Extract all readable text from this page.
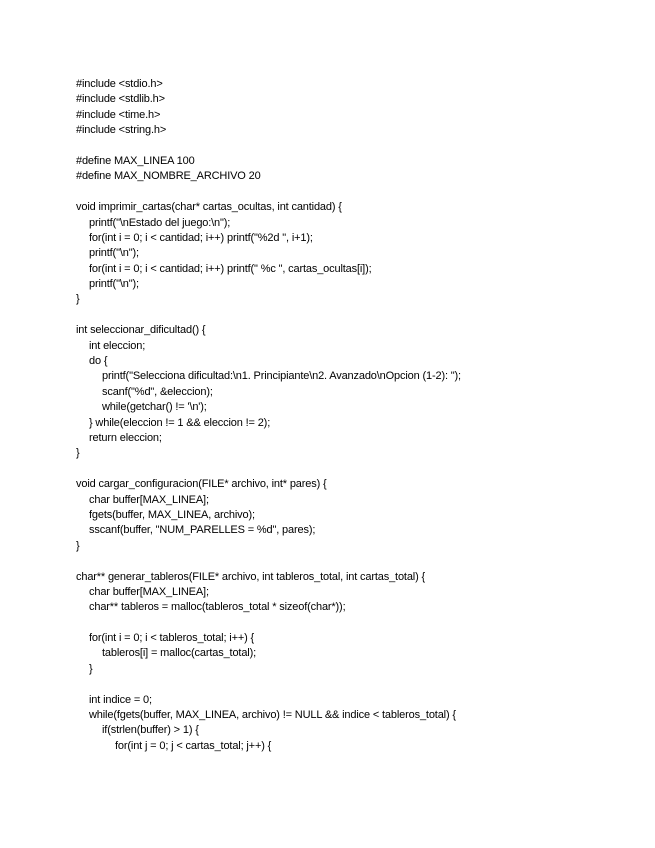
#include <stdio.h>
#include <stdlib.h>
#include <time.h>
#include <string.h>
#define MAX_LINEA 100
#define MAX_NOMBRE_ARCHIVO 20
void imprimir_cartas(char* cartas_ocultas, int cantidad) {
printf("\nEstado del juego:\n");
for(int i = 0; i < cantidad; i++) printf("%2d ", i+1);
printf("\n");
for(int i = 0; i < cantidad; i++) printf(" %c ", cartas_ocultas[i]);
printf("\n");
}
int seleccionar_dificultad() {
int eleccion;
do {
printf("Selecciona dificultad:\n1. Principiante\n2. Avanzado\nOpcion (1-2): ");
scanf("%d", &eleccion);
while(getchar() != '\n');
} while(eleccion != 1 && eleccion != 2);
return eleccion;
}
void cargar_configuracion(FILE* archivo, int* pares) {
char buffer[MAX_LINEA];
fgets(buffer, MAX_LINEA, archivo);
sscanf(buffer, "NUM_PARELLES = %d", pares);
}
char** generar_tableros(FILE* archivo, int tableros_total, int cartas_total) {
char buffer[MAX_LINEA];
char** tableros = malloc(tableros_total * sizeof(char*));
for(int i = 0; i < tableros_total; i++) {
tableros[i] = malloc(cartas_total);
}
int indice = 0;
while(fgets(buffer, MAX_LINEA, archivo) != NULL && indice < tableros_total) {
if(strlen(buffer) > 1) {
for(int j = 0; j < cartas_total; j++) {
